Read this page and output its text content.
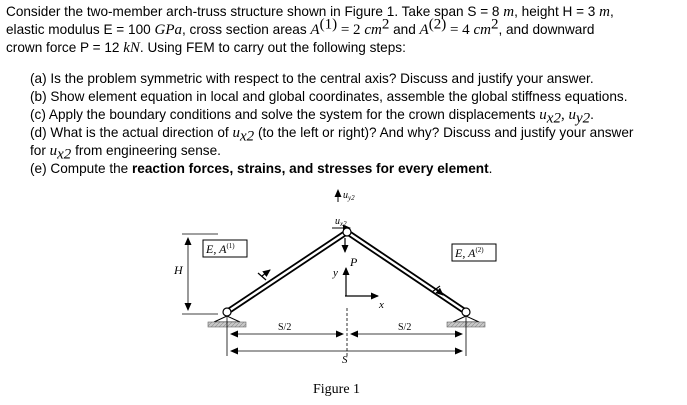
Consider the two-member arch-truss structure shown in Figure 1. Take span S = 8 m, height H = 3 m,
elastic modulus E = 100 GPa, cross section areas $A^{(1)} = 2$ $cm^2$ and $A^{(2)} = 4$ $cm^2$, and downward
crown force P = 12 kN. Using FEM to carry out the following steps:
(a) Is the problem symmetric with respect to the central axis? Discuss and justify your answer.
(b) Show element equation in local and global coordinates, assemble the global stiffness equations.
(c) Apply the boundary conditions and solve the system for the crown displacements $u_{x2}$, $u_{y2}$.
(d) What is the actual direction of $u_{x2}$ (to the left or right)? And why? Discuss and justify your answer
for $u_{x2}$ from engineering sense.
(e) Compute the reaction forces, strains, and stresses for every element.
$u_{y2}$
$u_{x2}$
E, $A^{(1)}$	E, $A^{(2)}$
P
y
x
H
S/2	S/2
S
Figure 1
